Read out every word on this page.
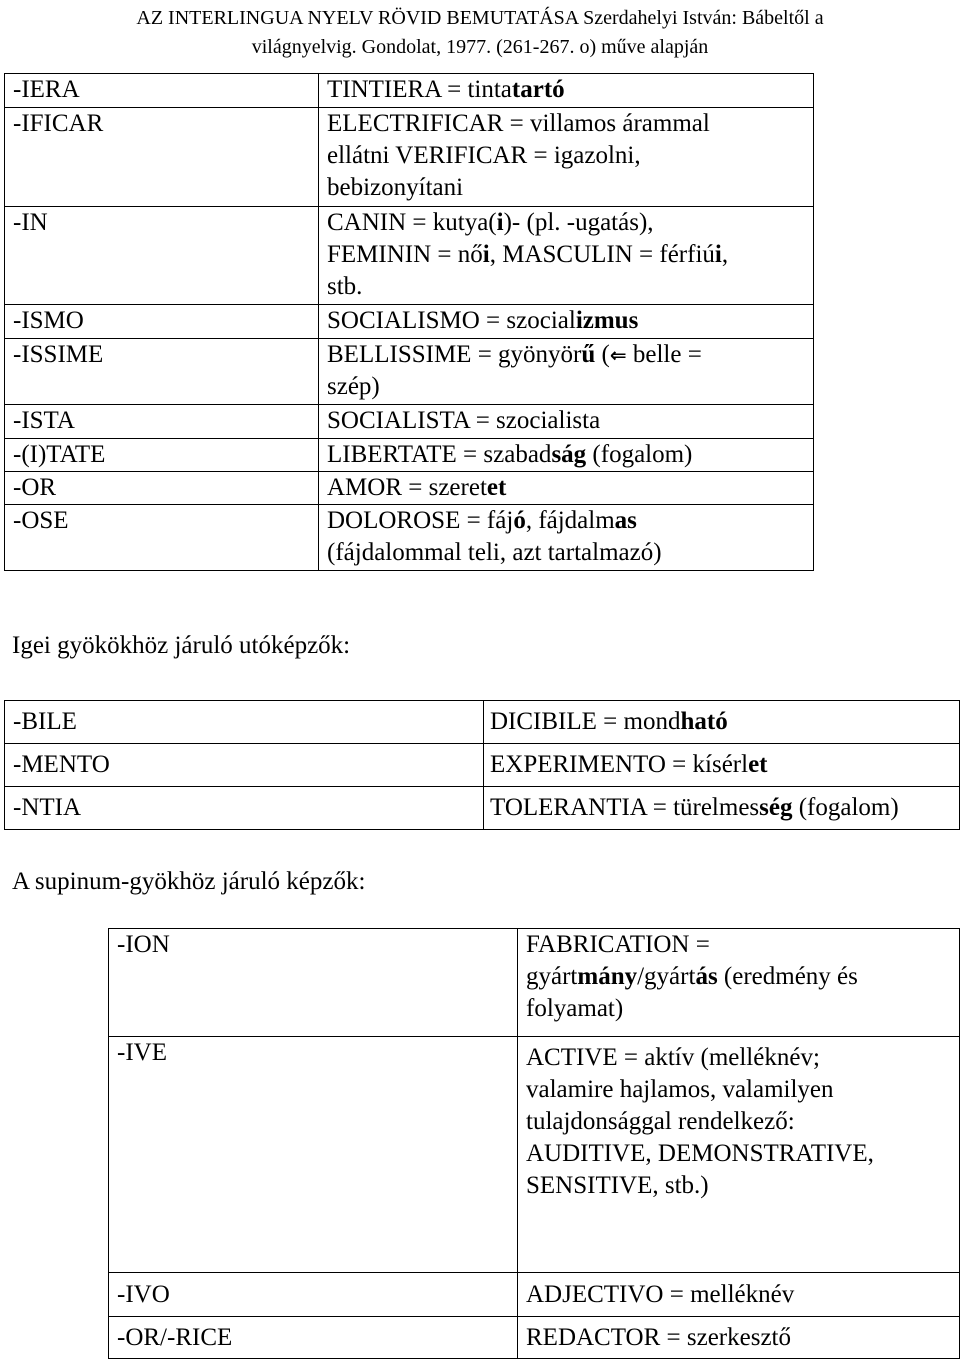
AZ INTERLINGUA NYELV RÖVID BEMUTATÁSA Szerdahelyi István: Bábeltől a
világnyelvig. Gondolat, 1977. (261-267. o) műve alapján
-IERA	TINTIERA = tintatartó
-IFICAR	ELECTRIFICAR = villamos árammal
ellátni VERIFICAR = igazolni,
bebizonyítani

-IN	CANIN = kutya(i)- (pl. -ugatás),
FEMININ = női, MASCULIN = férfiúi,
stb.

-ISMO	SOCIALISMO = szocializmus
-ISSIME	BELLISSIME = gyönyörű (⇐ belle =
szép)

-ISTA	SOCIALISTA = szocialista
-(I)TATE	LIBERTATE = szabadság (fogalom)
-OR	AMOR = szeretet
-OSE	DOLOROSE = fájó, fájdalmas
(fájdalommal teli, azt tartalmazó)
Igei gyökökhöz járuló utóképzők:
-BILE	DICIBILE = mondható
-MENTO	EXPERIMENTO = kísérlet
-NTIA	TOLERANTIA = türelmesség (fogalom)
A supinum-gyökhöz járuló képzők:
-ION	FABRICATION =
gyártmány/gyártás (eredmény és
folyamat)

-IVE	ACTIVE = aktív (melléknév;
valamire hajlamos, valamilyen
tulajdonsággal rendelkező:
AUDITIVE, DEMONSTRATIVE,
SENSITIVE, stb.)

-IVO	ADJECTIVO = melléknév
-OR/-RICE	REDACTOR = szerkesztő
